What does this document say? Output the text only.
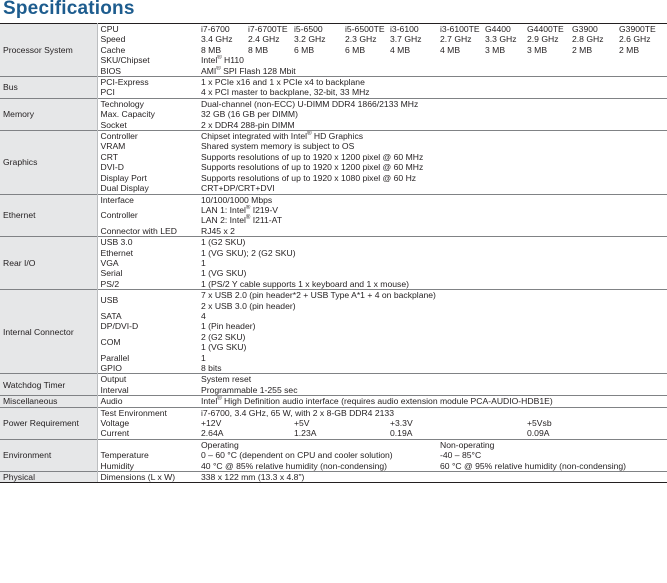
Specifications
Processor System	CPU	i7-6700	i7-6700TE	i5-6500	i5-6500TE	i3-6100	i3-6100TE	G4400	G4400TE	G3900	G3900TE
	Speed	3.4 GHz	2.4 GHz	3.2 GHz	2.3 GHz	3.7 GHz	2.7 GHz	3.3 GHz	2.9 GHz	2.8 GHz	2.6 GHz
	Cache	8 MB	8 MB	6 MB	6 MB	4 MB	4 MB	3 MB	3 MB	2 MB	2 MB
	SKU/Chipset	Intel® H110									
	BIOS	AMI® SPI Flash 128 Mbit									
Bus	PCI-Express	1 x PCIe x16 and 1 x PCIe x4 to backplane									
	PCI	4 x PCI master to backplane, 32-bit, 33 MHz									
Memory	Technology	Dual-channel (non-ECC) U-DIMM DDR4 1866/2133 MHz									
	Max. Capacity	32 GB (16 GB per DIMM)									
	Socket	2 x DDR4 288-pin DIMM									
Graphics	Controller	Chipset integrated with Intel® HD Graphics									
	VRAM	Shared system memory is subject to OS									
	CRT	Supports resolutions of up to 1920 x 1200 pixel @ 60 MHz									
	DVI-D	Supports resolutions of up to 1920 x 1200 pixel @ 60 MHz									
	Display Port	Supports resolutions of up to 1920 x 1080 pixel @ 60 Hz									
	Dual Display	CRT+DP/CRT+DVI									
Ethernet	Interface	10/100/1000 Mbps									
	Controller	LAN 1: Intel® I219-V
LAN 2: Intel® I211-AT									

	Connector with LED	RJ45 x 2									
Rear I/O	USB 3.0	1 (G2 SKU)									
	Ethernet	1 (VG SKU); 2 (G2 SKU)									
	VGA	1									
	Serial	1 (VG SKU)									
	PS/2	1 (PS/2 Y cable supports 1 x keyboard and 1 x mouse)									
Internal Connector	USB	7 x USB 2.0 (pin header*2 + USB Type A*1 + 4 on backplane)
2 x USB 3.0 (pin header)									

	SATA	4									
	DP/DVI-D	1 (Pin header)									
	COM	2 (G2 SKU)
1 (VG SKU)									

	Parallel	1									
	GPIO	8 bits									
Watchdog Timer	Output	System reset									
	Interval	Programmable 1-255 sec									
Miscellaneous	Audio	Intel® High Definition audio interface (requires audio extension module PCA-AUDIO-HDB1E)									
Power Requirement	Test Environment	i7-6700, 3.4 GHz, 65 W, with 2 x 8-GB DDR4 2133									
	Voltage	+12V		+5V		+3.3V			+5Vsb		
	Current	2.64A		1.23A		0.19A			0.09A		
Environment		Operating					Non-operating				
	Temperature	0 – 60 °C (dependent on CPU and cooler solution)					-40 – 85°C				
	Humidity	40 °C @ 85% relative humidity (non-condensing)					60 °C @ 95% relative humidity (non-condensing)				
Physical	Dimensions (L x W)	338 x 122 mm (13.3 x 4.8")									
